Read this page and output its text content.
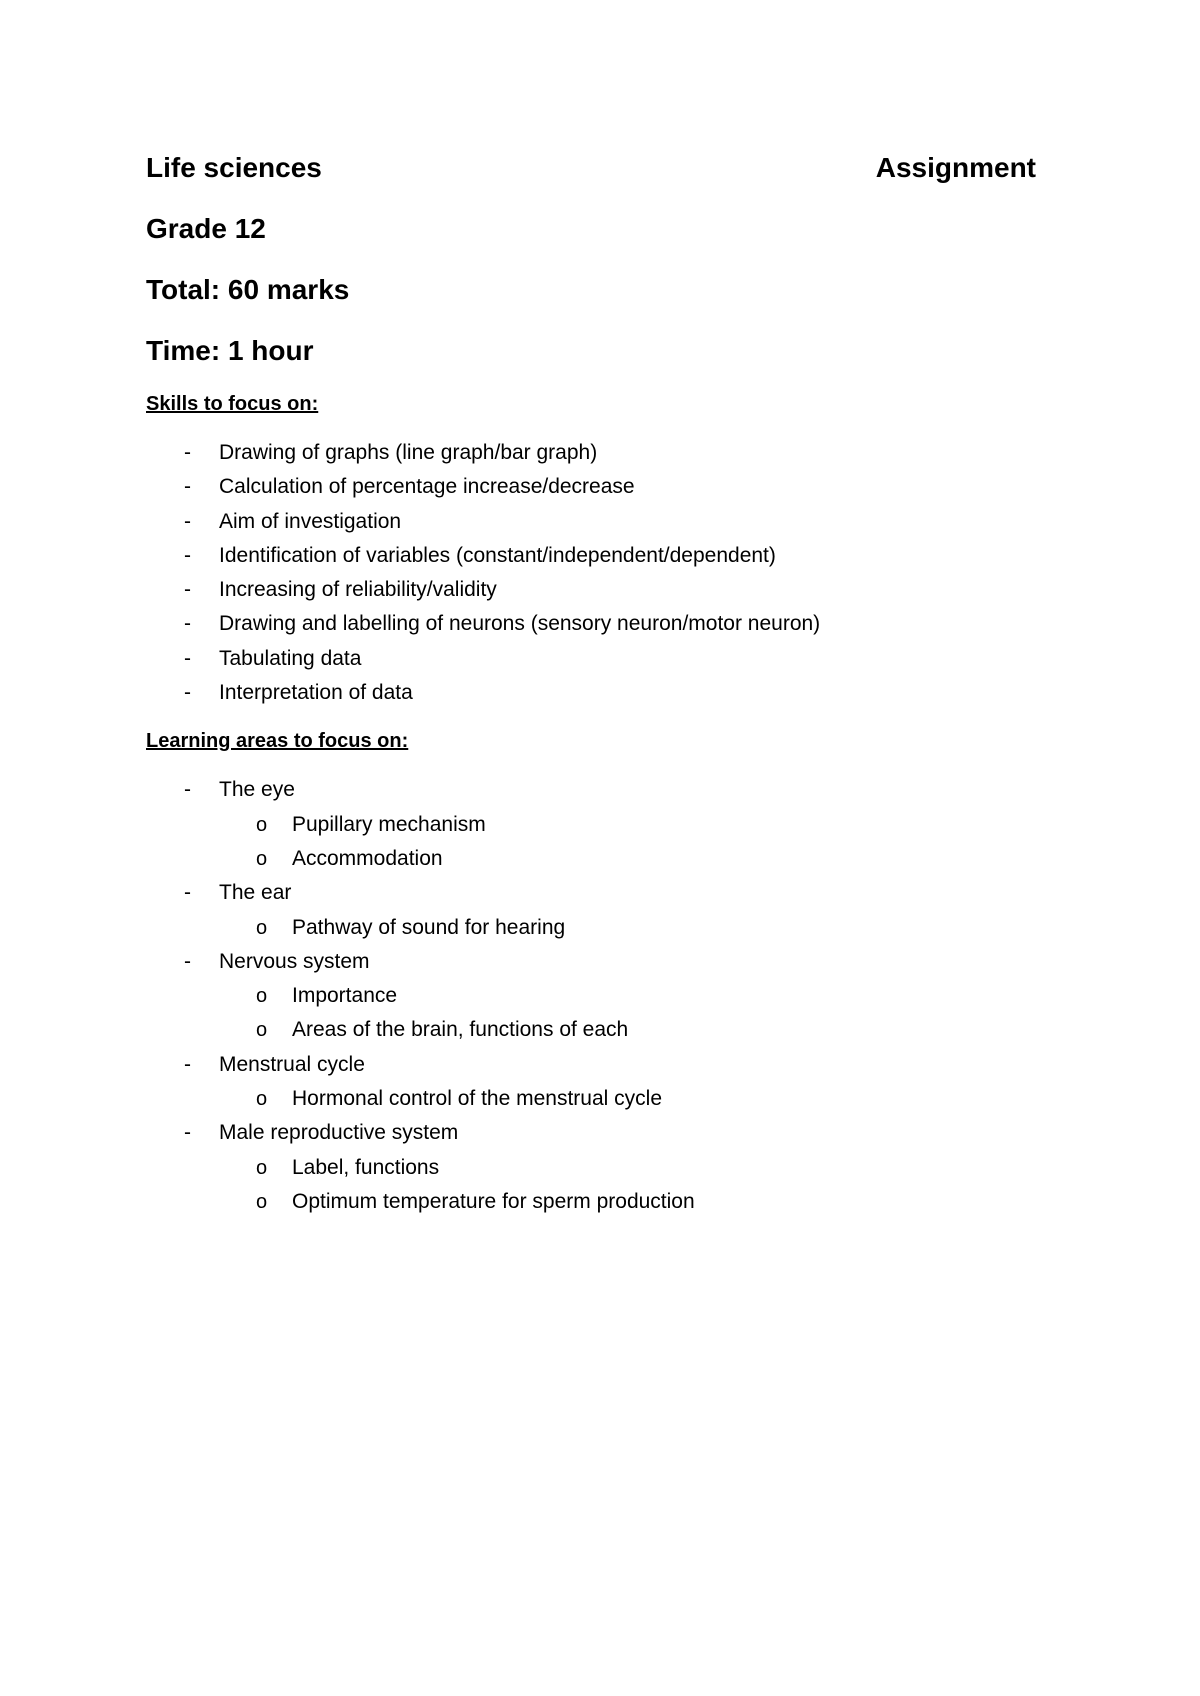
Life sciences	Assignment

Grade 12

Total: 60 marks

Time: 1 hour

Skills to focus on:
- Drawing of graphs (line graph/bar graph)
- Calculation of percentage increase/decrease
- Aim of investigation
- Identification of variables (constant/independent/dependent)
- Increasing of reliability/validity
- Drawing and labelling of neurons (sensory neuron/motor neuron)
- Tabulating data
- Interpretation of data
Learning areas to focus on:
- The eye
o Pupillary mechanism
o Accommodation
- The ear
o Pathway of sound for hearing
- Nervous system
o Importance
o Areas of the brain, functions of each
- Menstrual cycle
o Hormonal control of the menstrual cycle
- Male reproductive system
o Label, functions
o Optimum temperature for sperm production
